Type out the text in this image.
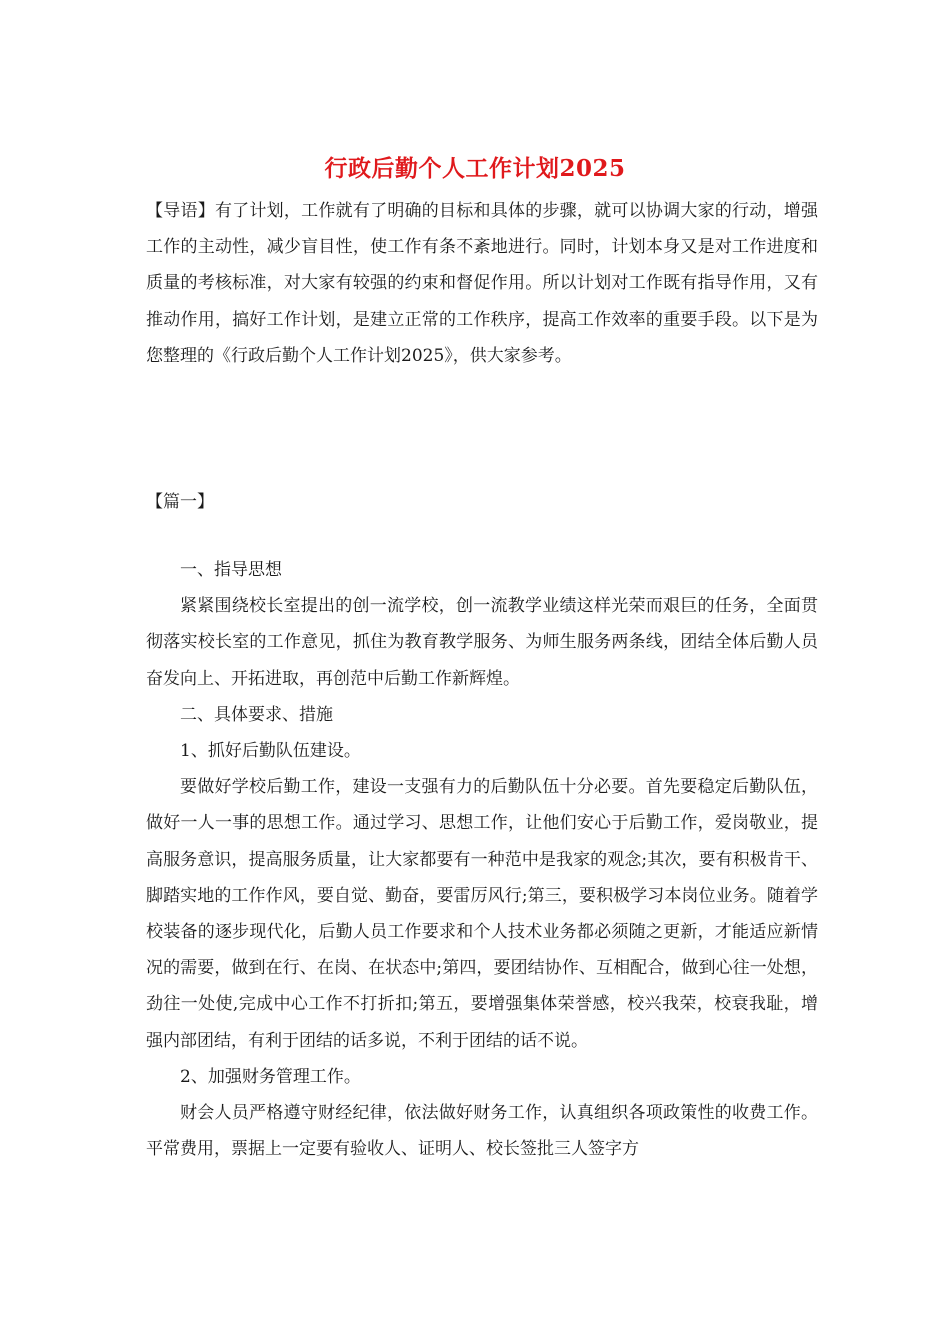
行政后勤个人工作计划2025
【导语】有了计划，工作就有了明确的目标和具体的步骤，就可以协调大家的行动，增强工作的主动性，减少盲目性，使工作有条不紊地进行。同时，计划本身又是对工作进度和质量的考核标准，对大家有较强的约束和督促作用。所以计划对工作既有指导作用，又有推动作用，搞好工作计划，是建立正常的工作秩序，提高工作效率的重要手段。以下是为您整理的《行政后勤个人工作计划2025》，供大家参考。
【篇一】

一、指导思想

紧紧围绕校长室提出的创一流学校，创一流教学业绩这样光荣而艰巨的任务，全面贯彻落实校长室的工作意见，抓住为教育教学服务、为师生服务两条线，团结全体后勤人员奋发向上、开拓进取，再创范中后勤工作新辉煌。

二、具体要求、措施

1、抓好后勤队伍建设。

要做好学校后勤工作，建设一支强有力的后勤队伍十分必要。首先要稳定后勤队伍，做好一人一事的思想工作。通过学习、思想工作，让他们安心于后勤工作，爱岗敬业，提高服务意识，提高服务质量，让大家都要有一种范中是我家的观念;其次，要有积极肯干、脚踏实地的工作作风，要自觉、勤奋，要雷厉风行;第三，要积极学习本岗位业务。随着学校装备的逐步现代化，后勤人员工作要求和个人技术业务都必须随之更新，才能适应新情况的需要，做到在行、在岗、在状态中;第四，要团结协作、互相配合，做到心往一处想，劲往一处使,完成中心工作不打折扣;第五，要增强集体荣誉感，校兴我荣，校衰我耻，增强内部团结，有利于团结的话多说，不利于团结的话不说。

2、加强财务管理工作。

财会人员严格遵守财经纪律，依法做好财务工作，认真组织各项政策性的收费工作。平常费用，票据上一定要有验收人、证明人、校长签批三人签字方
